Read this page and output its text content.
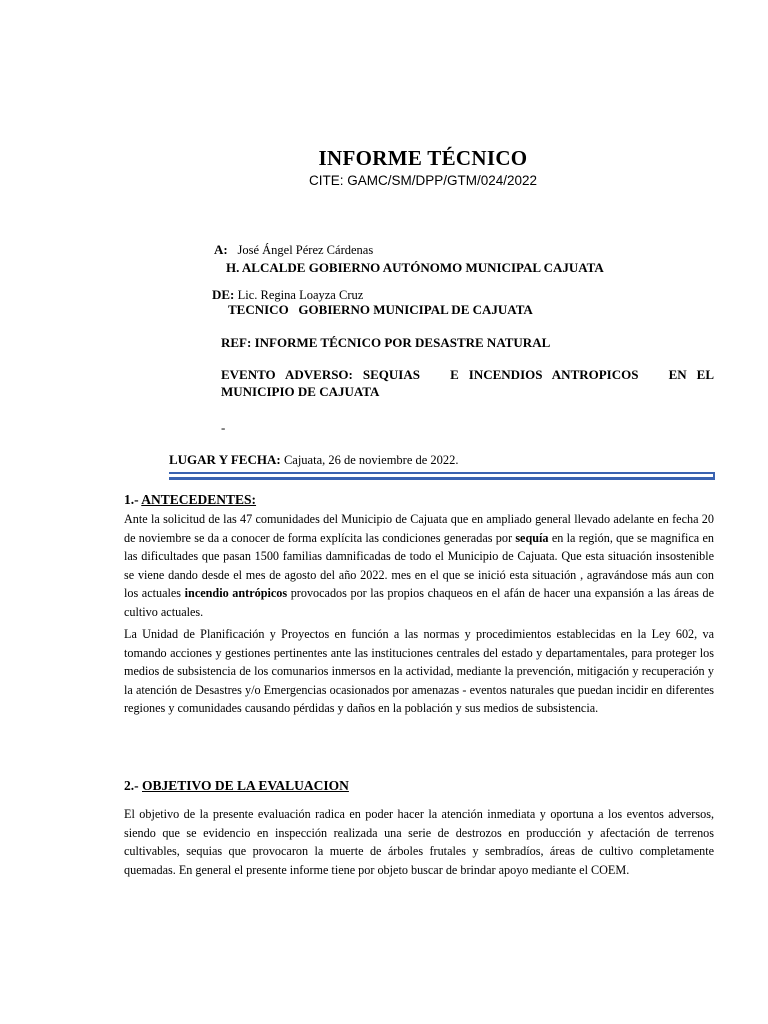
INFORME TÉCNICO
CITE: GAMC/SM/DPP/GTM/024/2022
A: José Ángel Pérez Cárdenas
H. ALCALDE GOBIERNO AUTÓNOMO MUNICIPAL CAJUATA
DE: Lic. Regina Loayza Cruz
TECNICO   GOBIERNO MUNICIPAL DE CAJUATA
REF: INFORME TÉCNICO POR DESASTRE NATURAL
EVENTO ADVERSO: SEQUIAS   E INCENDIOS ANTROPICOS   EN EL MUNICIPIO DE CAJUATA
-
LUGAR Y FECHA: Cajuata, 26 de noviembre de 2022.
1.- ANTECEDENTES:
Ante la solicitud de las 47 comunidades del Municipio de Cajuata que en ampliado general llevado adelante en fecha 20 de noviembre se da a conocer de forma explícita las condiciones generadas por sequía en la región, que se magnifica en las dificultades que pasan 1500 familias damnificadas de todo el Municipio de Cajuata. Que esta situación insostenible se viene dando desde el mes de agosto del año 2022. mes en el que se inició esta situación , agravándose más aun con los actuales incendio antrópicos provocados por las propios chaqueos en el afán de hacer una expansión a las áreas de cultivo actuales.
La Unidad de Planificación y Proyectos en función a las normas y procedimientos establecidas en la Ley 602, va tomando acciones y gestiones pertinentes ante las instituciones centrales del estado y departamentales, para proteger los medios de subsistencia de los comunarios inmersos en la actividad, mediante la prevención, mitigación y recuperación y la atención de Desastres y/o Emergencias ocasionados por amenazas - eventos naturales que puedan incidir en diferentes regiones y comunidades causando pérdidas y daños en la población y sus medios de subsistencia.
2.- OBJETIVO DE LA EVALUACION
El objetivo de la presente evaluación radica en poder hacer la atención inmediata y oportuna a los eventos adversos, siendo que se evidencio en inspección realizada una serie de destrozos en producción y afectación de terrenos cultivables, sequias que provocaron la muerte de árboles frutales y sembradíos, áreas de cultivo completamente quemadas. En general el presente informe tiene por objeto buscar de brindar apoyo mediante el COEM.
